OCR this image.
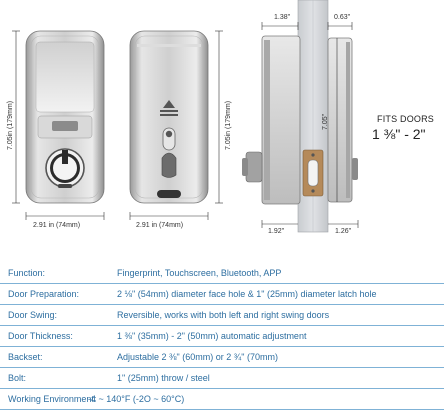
7.05in (179mm)
2.91 in (74mm)
7.05in (179mm)
2.91 in (74mm)
1.38"	0.63"
7.05"
1.92"	1.26"
FITS DOORS
1 ⅜" - 2"
Function:	Fingerprint, Touchscreen, Bluetooth, APP
Door Preparation:	2 ⅛" (54mm) diameter face hole & 1" (25mm) diameter latch hole
Door Swing:	Reversible, works with both left and right swing doors
Door Thickness:	1 ⅜" (35mm) - 2" (50mm) automatic adjustment
Backset:	Adjustable 2 ⅜" (60mm) or 2 ¾" (70mm)
Bolt:	1" (25mm) throw / steel
Working Environment:
-4 ~ 140°F (-2O ~ 60°C)
